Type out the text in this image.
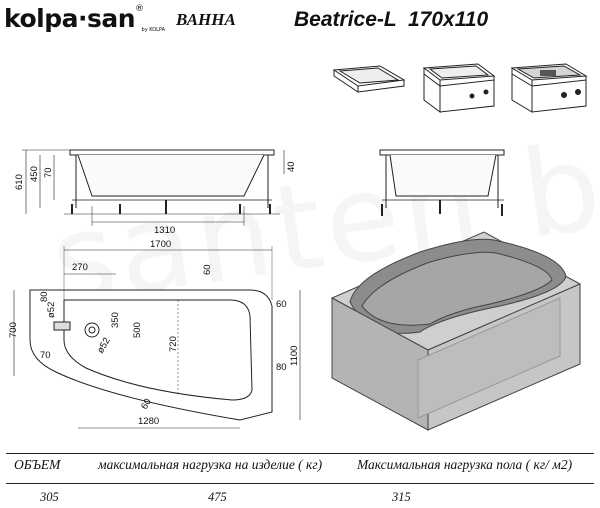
kolpa·san®by KOLPA
ВАННА	Beatrice-L  170x110
610
450 70
40
1310
1700
270	60
60
80
1100
ø52
80
350
500
720
ø52
700
70
1280
60
ОБЪЕМ	максимальная нагрузка на изделие ( кг)	Максимальная нагрузка пола ( кг/ м2)
305	475	315
